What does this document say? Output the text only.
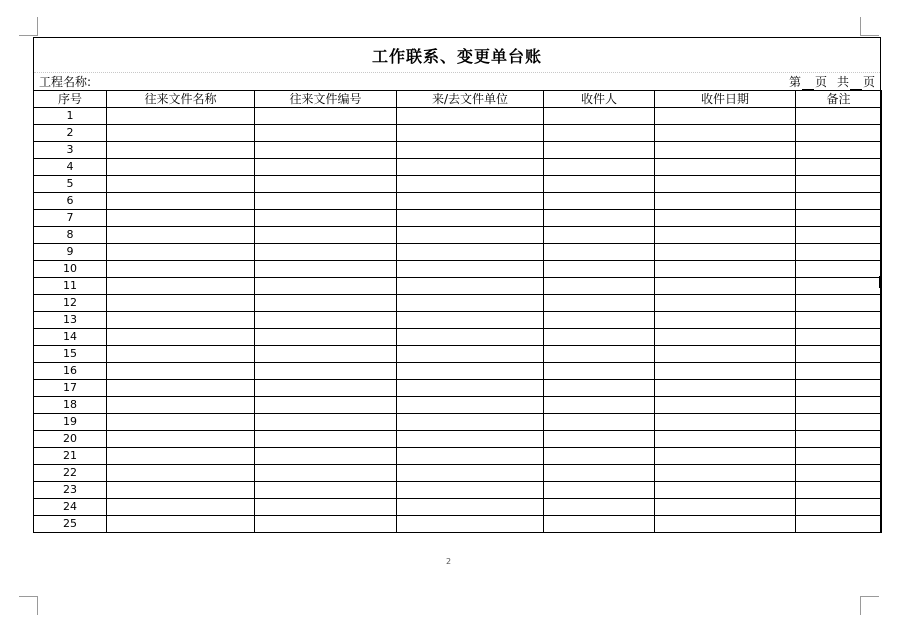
工作联系、变更单台账
工程名称:	第 页 共 页
序号	往来文件名称	往来文件编号	来/去文件单位	收件人	收件日期	备注
1						
2						
3						
4						
5						
6						
7						
8						
9						
10						
11						
12						
13						
14						
15						
16						
17						
18						
19						
20						
21						
22						
23						
24						
25						
2
